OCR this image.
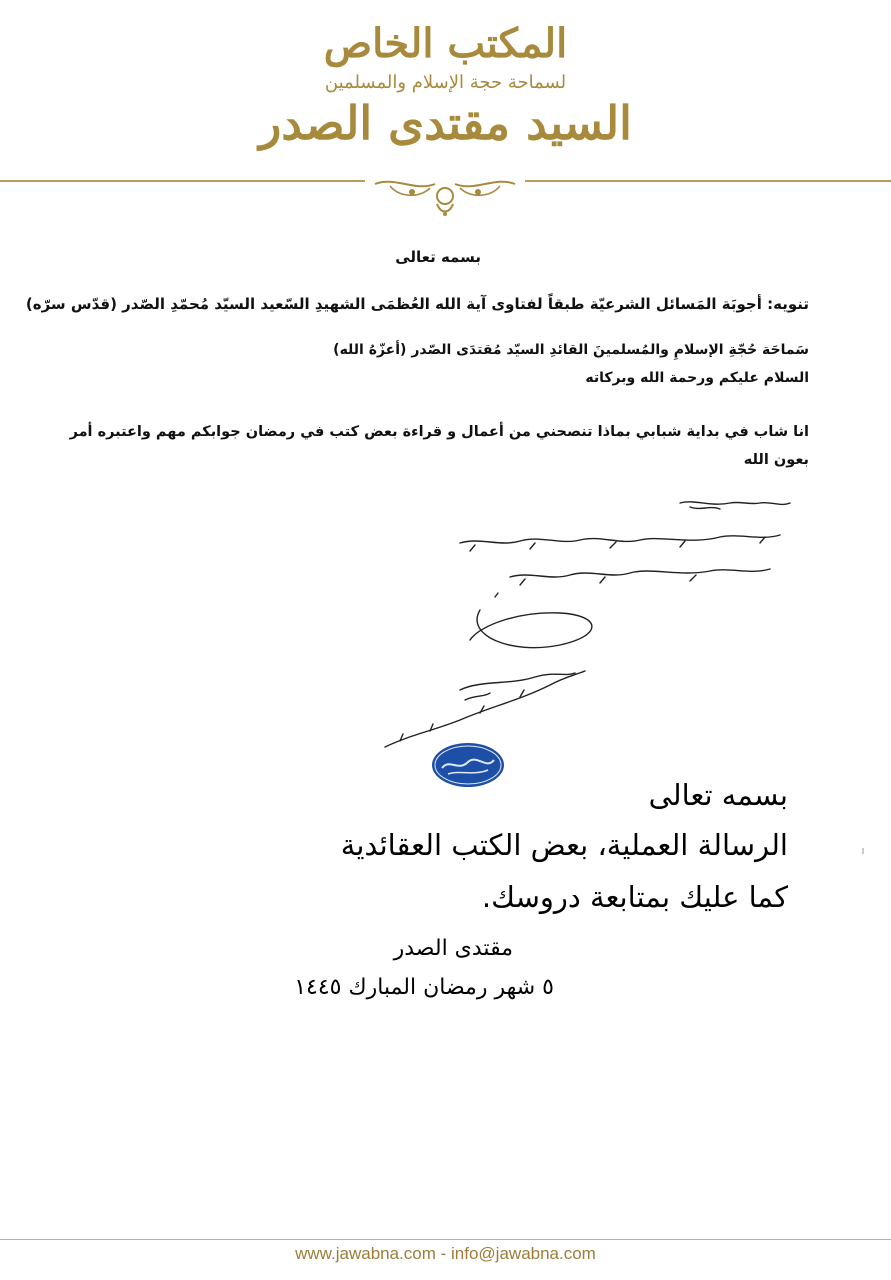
المكتب الخاص
لسماحة حجة الإسلام والمسلمين
السيد مقتدى الصدر
بسمه تعالى
تنويه: أجوبَة المَسائل الشرعيّة طبقاً لفتاوى آية الله العُظمَى الشهيدِ السّعيد السيّد مُحمّدِ الصّدر (قدّس سرّه)
سَماحَة حُجّةِ الإسلامِ والمُسلمينَ القائدِ السيّد مُقتدَى الصّدر (أعزّهُ الله)
السلام عليكم ورحمة الله وبركاته
انا شاب في بداية شبابي بماذا تنصحني من أعمال و قراءة بعض كتب في رمضان جوابكم مهم واعتبره أمر بعون الله
بسمه تعالى
الرسالة العملية، بعض الكتب العقائدية
كما عليك بمتابعة دروسك.
مقتدى الصدر
٥ شهر رمضان المبارك ١٤٤٥
www.jawabna.com - info@jawabna.com
